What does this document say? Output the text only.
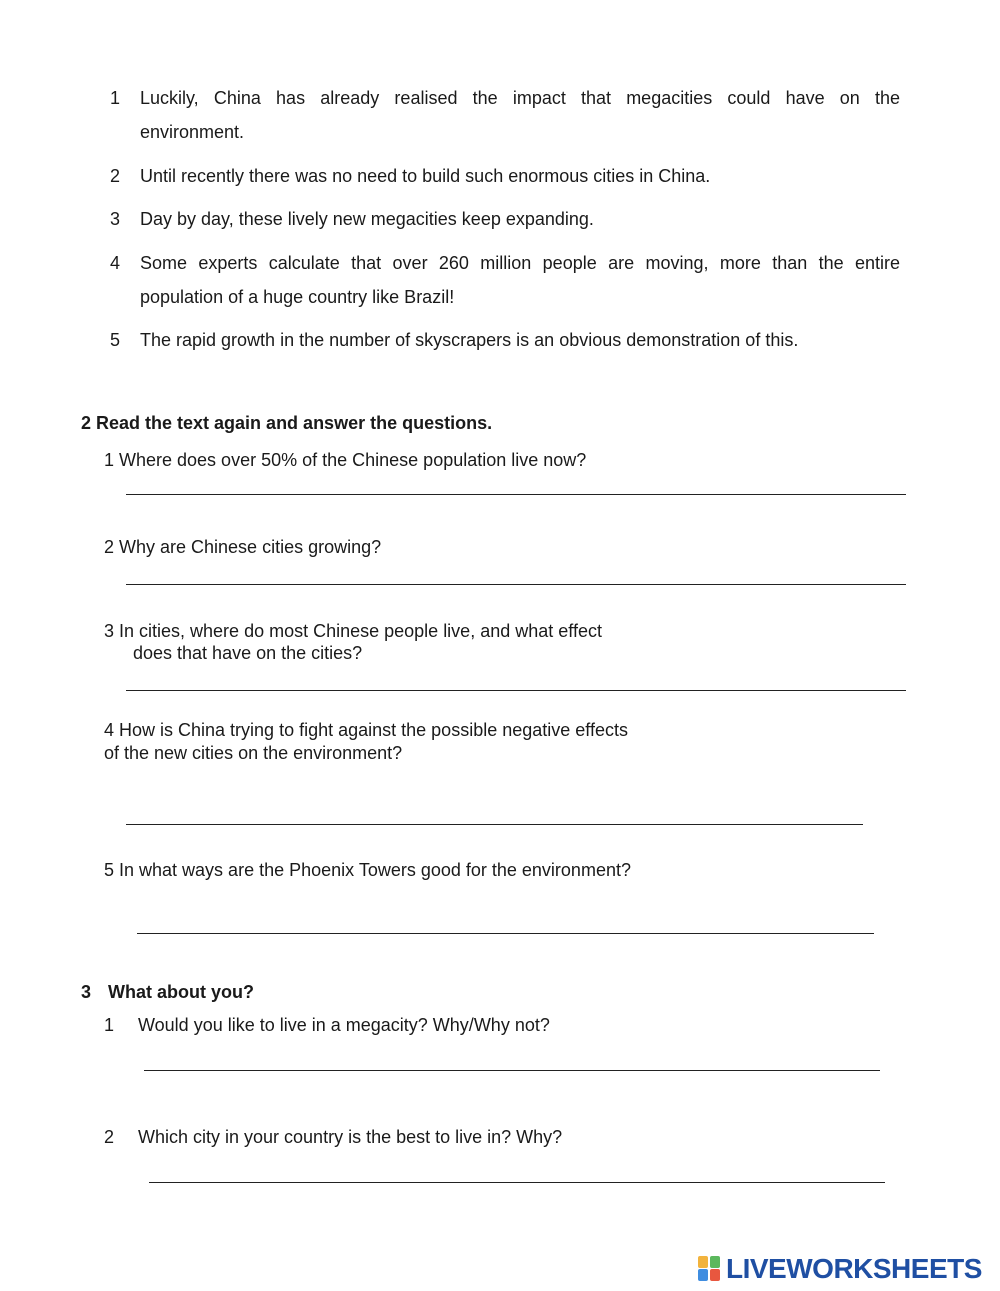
1 Luckily, China has already realised the impact that megacities could have on the
environment.
2 Until recently there was no need to build such enormous cities in China.
3 Day by day, these lively new megacities keep expanding.
4 Some experts calculate that over 260 million people are moving, more than the entire
population of a huge country like Brazil!
5 The rapid growth in the number of skyscrapers is an obvious demonstration of this.
2 Read the text again and answer the questions.
1 Where does over 50% of the Chinese population live now?
2 Why are Chinese cities growing?
3 In cities, where do most Chinese people live, and what effect
does that have on the cities?
4 How is China trying to fight against the possible negative effects
of the new cities on the environment?
5 In what ways are the Phoenix Towers good for the environment?
3 What about you?
1 Would you like to live in a megacity? Why/Why not?
2 Which city in your country is the best to live in? Why?
LIVEWORKSHEETS
